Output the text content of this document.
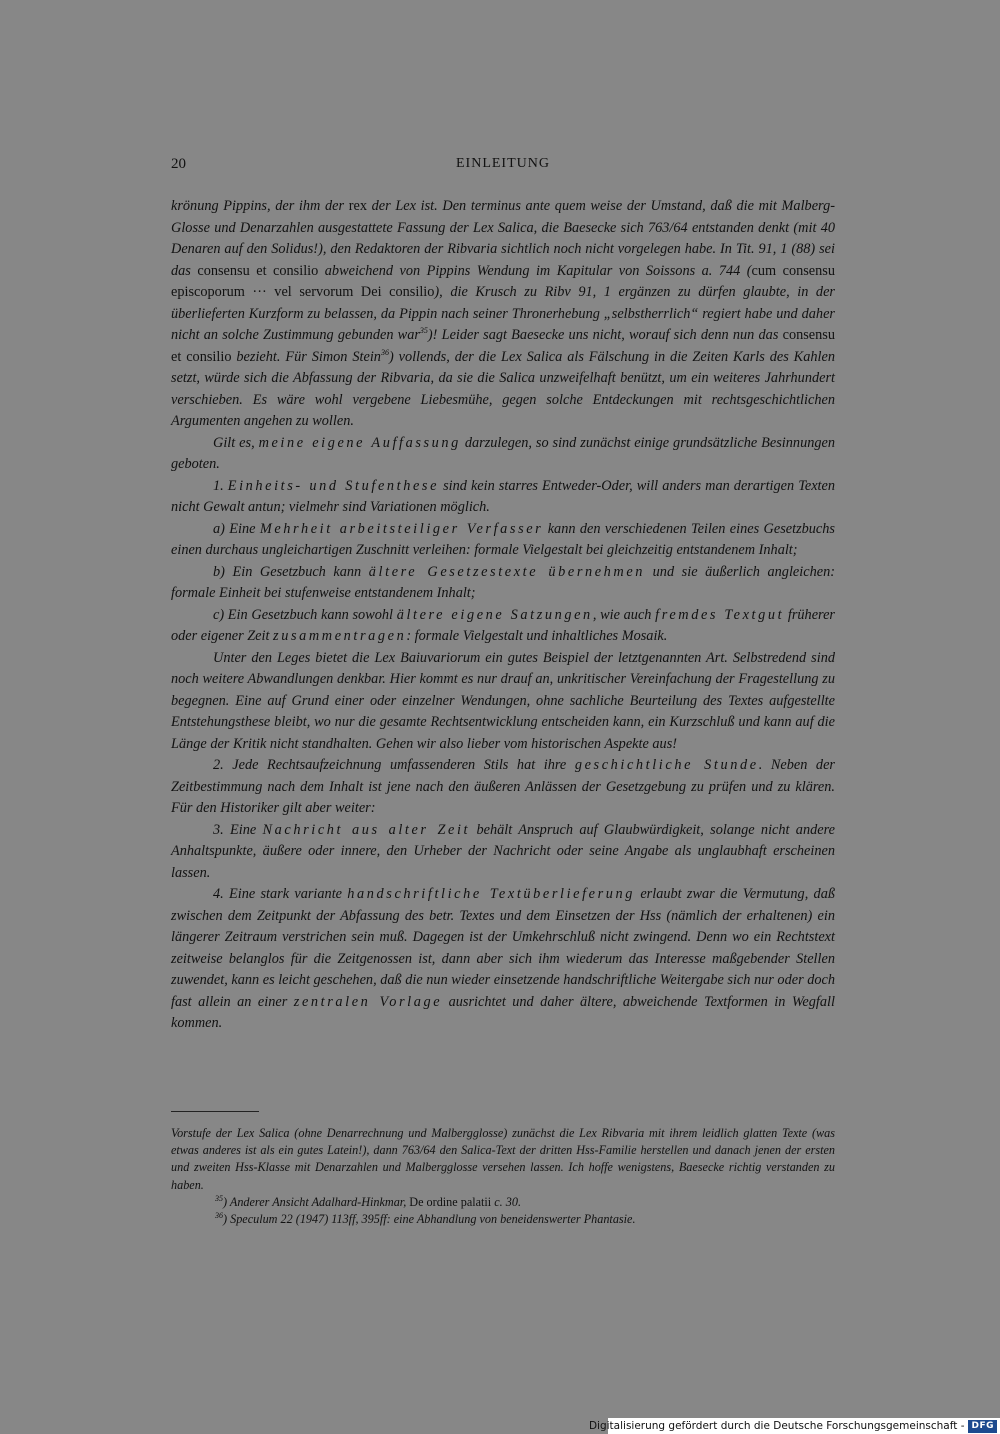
20	EINLEITUNG

krönung Pippins, der ihm der rex der Lex ist. Den terminus ante quem weise der Umstand, daß die mit Malberg-Glosse und Denarzahlen ausgestattete Fassung der Lex Salica, die Baesecke sich 763/64 entstanden denkt (mit 40 Denaren auf den Solidus!), den Redaktoren der Ribvaria sichtlich noch nicht vorgelegen habe. In Tit. 91, 1 (88) sei das consensu et consilio abweichend von Pippins Wendung im Kapitular von Soissons a. 744 (cum consensu episcoporum ··· vel servorum Dei consilio), die Krusch zu Ribv 91, 1 ergänzen zu dürfen glaubte, in der überlieferten Kurzform zu belassen, da Pippin nach seiner Thronerhebung „selbstherrlich“ regiert habe und daher nicht an solche Zustimmung gebunden war$^{35}$)! Leider sagt Baesecke uns nicht, worauf sich denn nun das consensu et consilio bezieht. Für Simon Stein$^{36}$) vollends, der die Lex Salica als Fälschung in die Zeiten Karls des Kahlen setzt, würde sich die Abfassung der Ribvaria, da sie die Salica unzweifelhaft benützt, um ein weiteres Jahrhundert verschieben. Es wäre wohl vergebene Liebesmühe, gegen solche Entdeckungen mit rechtsgeschichtlichen Argumenten angehen zu wollen.

Gilt es, meine eigene Auffassung darzulegen, so sind zunächst einige grundsätzliche Besinnungen geboten.

1. Einheits- und Stufenthese sind kein starres Entweder-Oder, will anders man derartigen Texten nicht Gewalt antun; vielmehr sind Variationen möglich.

a) Eine Mehrheit arbeitsteiliger Verfasser kann den verschiedenen Teilen eines Gesetzbuchs einen durchaus ungleichartigen Zuschnitt verleihen: formale Vielgestalt bei gleichzeitig entstandenem Inhalt;

b) Ein Gesetzbuch kann ältere Gesetzestexte übernehmen und sie äußerlich angleichen: formale Einheit bei stufenweise entstandenem Inhalt;

c) Ein Gesetzbuch kann sowohl ältere eigene Satzungen, wie auch fremdes Textgut früherer oder eigener Zeit zusammentragen: formale Vielgestalt und inhaltliches Mosaik.

Unter den Leges bietet die Lex Baiuvariorum ein gutes Beispiel der letztgenannten Art. Selbstredend sind noch weitere Abwandlungen denkbar. Hier kommt es nur drauf an, unkritischer Vereinfachung der Fragestellung zu begegnen. Eine auf Grund einer oder einzelner Wendungen, ohne sachliche Beurteilung des Textes aufgestellte Entstehungsthese bleibt, wo nur die gesamte Rechtsentwicklung entscheiden kann, ein Kurzschluß und kann auf die Länge der Kritik nicht standhalten. Gehen wir also lieber vom historischen Aspekte aus!

2. Jede Rechtsaufzeichnung umfassenderen Stils hat ihre geschichtliche Stunde. Neben der Zeitbestimmung nach dem Inhalt ist jene nach den äußeren Anlässen der Gesetzgebung zu prüfen und zu klären. Für den Historiker gilt aber weiter:

3. Eine Nachricht aus alter Zeit behält Anspruch auf Glaubwürdigkeit, solange nicht andere Anhaltspunkte, äußere oder innere, den Urheber der Nachricht oder seine Angabe als unglaubhaft erscheinen lassen.

4. Eine stark variante handschriftliche Textüberlieferung erlaubt zwar die Vermutung, daß zwischen dem Zeitpunkt der Abfassung des betr. Textes und dem Einsetzen der Hss (nämlich der erhaltenen) ein längerer Zeitraum verstrichen sein muß. Dagegen ist der Umkehrschluß nicht zwingend. Denn wo ein Rechtstext zeitweise belanglos für die Zeitgenossen ist, dann aber sich ihm wiederum das Interesse maßgebender Stellen zuwendet, kann es leicht geschehen, daß die nun wieder einsetzende handschriftliche Weitergabe sich nur oder doch fast allein an einer zentralen Vorlage ausrichtet und daher ältere, abweichende Textformen in Wegfall kommen.

Vorstufe der Lex Salica (ohne Denarrechnung und Malbergglosse) zunächst die Lex Ribvaria mit ihrem leidlich glatten Texte (was etwas anderes ist als ein gutes Latein!), dann 763/64 den Salica-Text der dritten Hss-Familie herstellen und danach jenen der ersten und zweiten Hss-Klasse mit Denarzahlen und Malbergglosse versehen lassen. Ich hoffe wenigstens, Baesecke richtig verstanden zu haben.

$^{35}$) Anderer Ansicht Adalhard-Hinkmar, De ordine palatii c. 30.

$^{36}$) Speculum 22 (1947) 113ff, 395ff: eine Abhandlung von beneidenswerter Phantasie.

Digitalisierung gefördert durch die Deutsche Forschungsgemeinschaft - DFG
